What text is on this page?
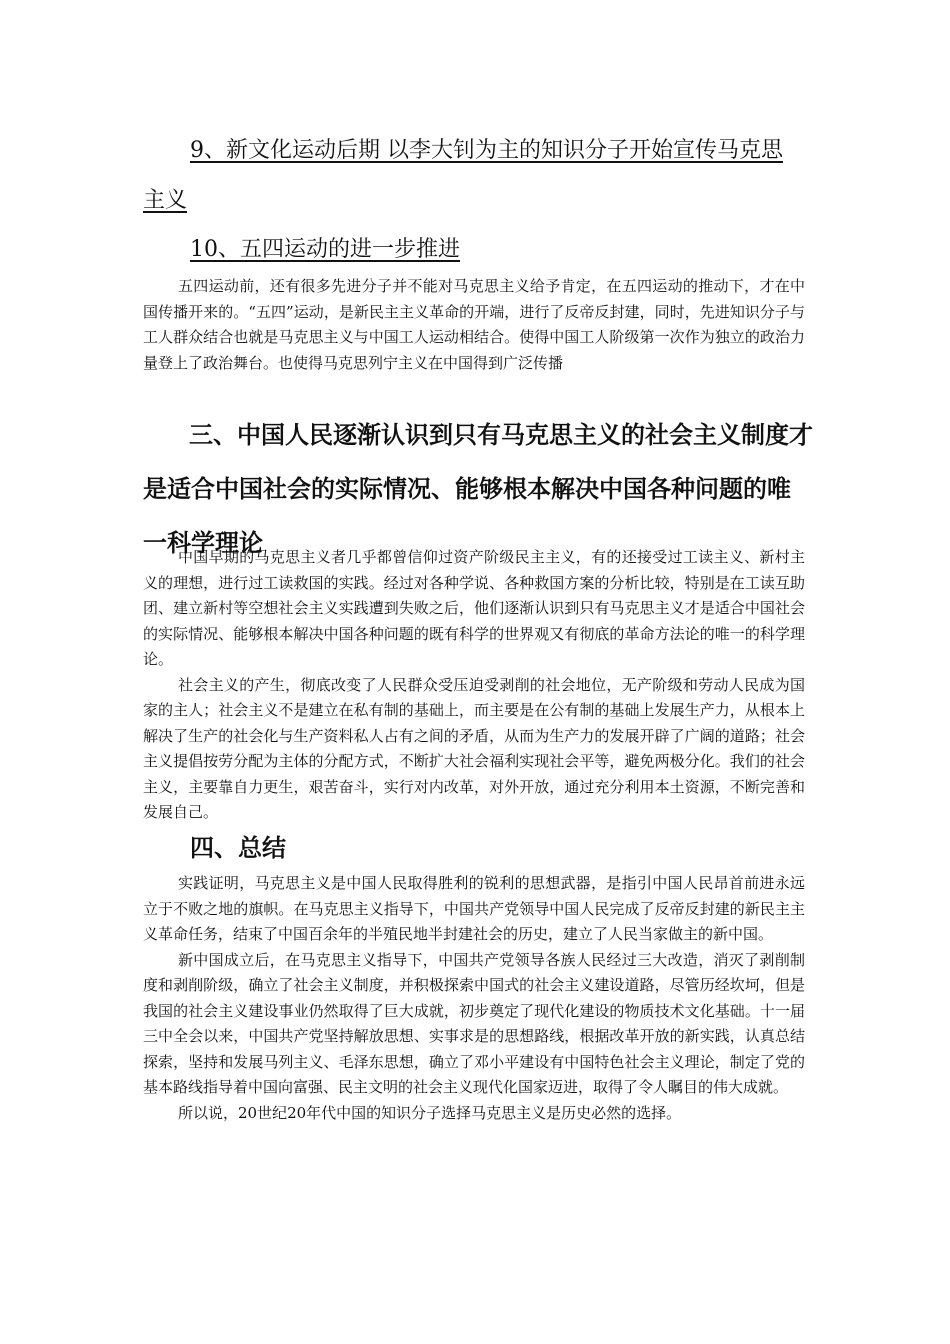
9、新文化运动后期 以李大钊为主的知识分子开始宣传马克思
主义
10、五四运动的进一步推进

五四运动前，还有很多先进分子并不能对马克思主义给予肯定，在五四运动的推动下，才在中国传播开来的。“五四”运动，是新民主主义革命的开端，进行了反帝反封建，同时，先进知识分子与工人群众结合也就是马克思主义与中国工人运动相结合。使得中国工人阶级第一次作为独立的政治力量登上了政治舞台。也使得马克思列宁主义在中国得到广泛传播

三、中国人民逐渐认识到只有马克思主义的社会主义制度才是适合中国社会的实际情况、能够根本解决中国各种问题的唯一科学理论

中国早期的马克思主义者几乎都曾信仰过资产阶级民主主义，有的还接受过工读主义、新村主义的理想，进行过工读救国的实践。经过对各种学说、各种救国方案的分析比较，特别是在工读互助团、建立新村等空想社会主义实践遭到失败之后，他们逐渐认识到只有马克思主义才是适合中国社会的实际情况、能够根本解决中国各种问题的既有科学的世界观又有彻底的革命方法论的唯一的科学理论。

社会主义的产生，彻底改变了人民群众受压迫受剥削的社会地位，无产阶级和劳动人民成为国家的主人；社会主义不是建立在私有制的基础上，而主要是在公有制的基础上发展生产力，从根本上解决了生产的社会化与生产资料私人占有之间的矛盾，从而为生产力的发展开辟了广阔的道路；社会主义提倡按劳分配为主体的分配方式，不断扩大社会福利实现社会平等，避免两极分化。我们的社会主义，主要靠自力更生，艰苦奋斗，实行对内改革，对外开放，通过充分利用本土资源，不断完善和发展自己。

四、总结

实践证明，马克思主义是中国人民取得胜利的锐利的思想武器，是指引中国人民昂首前进永远立于不败之地的旗帜。在马克思主义指导下，中国共产党领导中国人民完成了反帝反封建的新民主主义革命任务，结束了中国百余年的半殖民地半封建社会的历史，建立了人民当家做主的新中国。

新中国成立后，在马克思主义指导下，中国共产党领导各族人民经过三大改造，消灭了剥削制度和剥削阶级，确立了社会主义制度，并积极探索中国式的社会主义建设道路，尽管历经坎坷，但是我国的社会主义建设事业仍然取得了巨大成就，初步奠定了现代化建设的物质技术文化基础。十一届三中全会以来，中国共产党坚持解放思想、实事求是的思想路线，根据改革开放的新实践，认真总结探索，坚持和发展马列主义、毛泽东思想，确立了邓小平建设有中国特色社会主义理论，制定了党的基本路线指导着中国向富强、民主文明的社会主义现代化国家迈进，取得了令人瞩目的伟大成就。

所以说，20世纪20年代中国的知识分子选择马克思主义是历史必然的选择。
